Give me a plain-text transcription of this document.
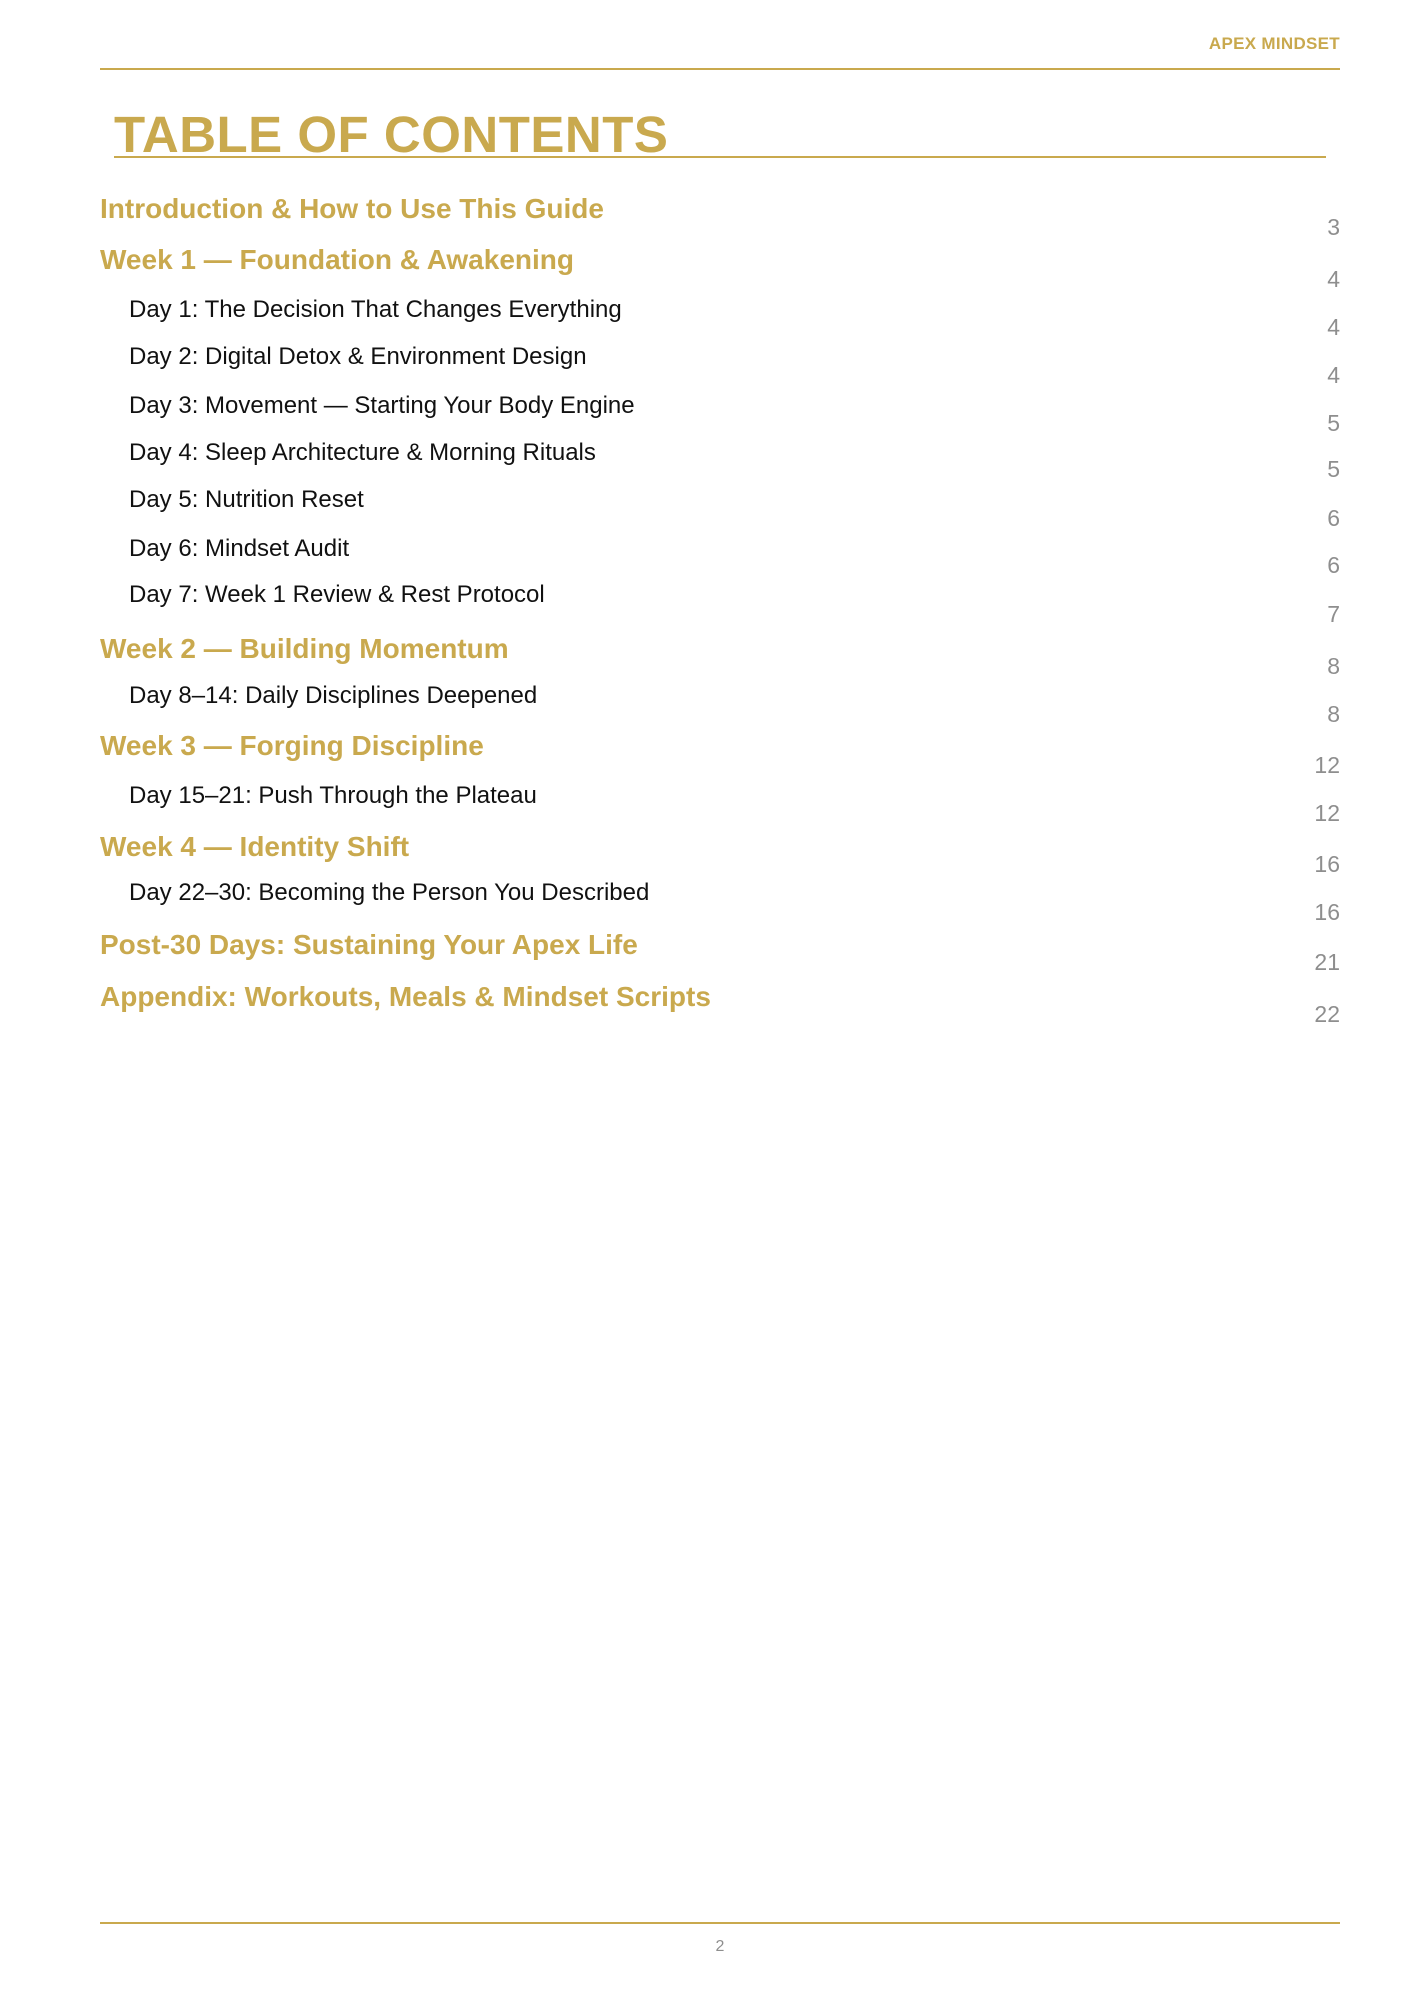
APEX MINDSET
TABLE OF CONTENTS
Introduction & How to Use This Guide
3
Week 1 — Foundation & Awakening
4
Day 1: The Decision That Changes Everything
4
Day 2: Digital Detox & Environment Design
4
Day 3: Movement — Starting Your Body Engine
5
Day 4: Sleep Architecture & Morning Rituals
5
Day 5: Nutrition Reset
6
Day 6: Mindset Audit
6
Day 7: Week 1 Review & Rest Protocol
7
Week 2 — Building Momentum
8
Day 8–14: Daily Disciplines Deepened
8
Week 3 — Forging Discipline
12
Day 15–21: Push Through the Plateau
12
Week 4 — Identity Shift
16
Day 22–30: Becoming the Person You Described
16
Post-30 Days: Sustaining Your Apex Life
21
Appendix: Workouts, Meals & Mindset Scripts
22
2
